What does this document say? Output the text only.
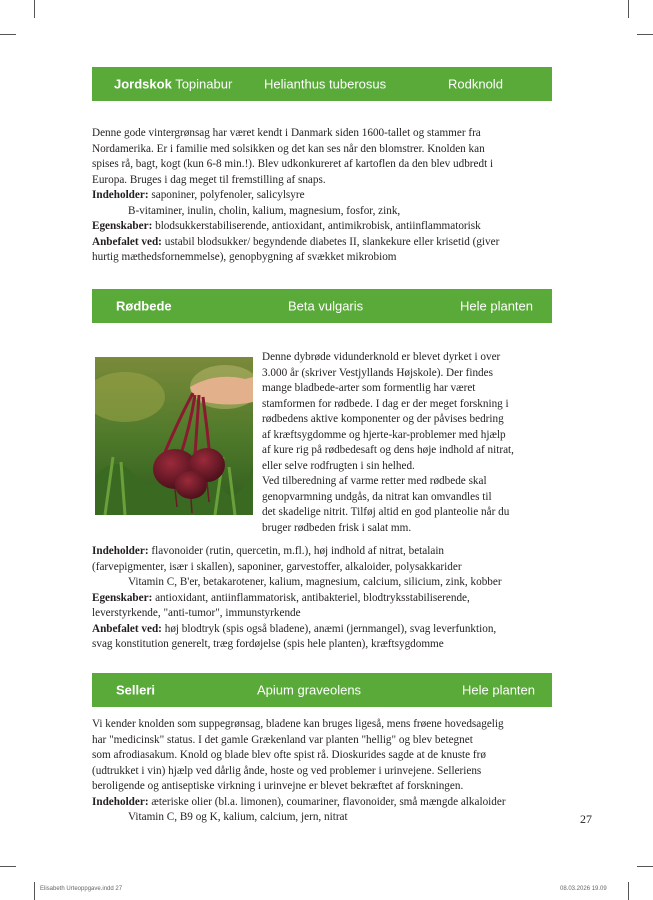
Jordskok Topinabur Helianthus tuberosus	Rodknold

Denne gode vintergrønsag har været kendt i Danmark siden 1600-tallet og stammer fra

Nordamerika. Er i familie med solsikken og det kan ses når den blomstrer. Knolden kan

spises rå, bagt, kogt (kun 6-8 min.!). Blev udkonkureret af kartoflen da den blev udbredt i

Europa. Bruges i dag meget til fremstilling af snaps.

Indeholder: saponiner, polyfenoler, salicylsyre

B-vitaminer, inulin, cholin, kalium, magnesium, fosfor, zink,

Egenskaber: blodsukkerstabiliserende, antioxidant, antimikrobisk, antiinflammatorisk

Anbefalet ved: ustabil blodsukker/ begyndende diabetes II, slankekure eller krisetid (giver

hurtig mæthedsfornemmelse), genopbygning af svækket mikrobiom

Rødbede	Beta vulgaris	Hele planten

Denne dybrøde vidunderknold er blevet dyrket i over

3.000 år (skriver Vestjyllands Højskole). Der findes

mange bladbede-arter som formentlig har været

stamformen for rødbede. I dag er der meget forskning i

rødbedens aktive komponenter og der påvises bedring

af kræftsygdomme og hjerte-kar-problemer med hjælp

af kure rig på rødbedesaft og dens høje indhold af nitrat,

eller selve rodfrugten i sin helhed.

Ved tilberedning af varme retter med rødbede skal

genopvarmning undgås, da nitrat kan omvandles til

det skadelige nitrit. Tilføj altid en god planteolie når du

bruger rødbeden frisk i salat mm.

Indeholder: flavonoider (rutin, quercetin, m.fl.), høj indhold af nitrat, betalain

(farvepigmenter, især i skallen), saponiner, garvestoffer, alkaloider, polysakkarider

Vitamin C, B'er, betakarotener, kalium, magnesium, calcium, silicium, zink, kobber

Egenskaber: antioxidant, antiinflammatorisk, antibakteriel, blodtryksstabiliserende,

leverstyrkende, "anti-tumor", immunstyrkende

Anbefalet ved: høj blodtryk (spis også bladene), anæmi (jernmangel), svag leverfunktion,

svag konstitution generelt, træg fordøjelse (spis hele planten), kræftsygdomme

Selleri	Apium graveolens	Hele planten

Vi kender knolden som suppegrønsag, bladene kan bruges ligeså, mens frøene hovedsagelig

har "medicinsk" status. I det gamle Grækenland var planten "hellig" og blev betegnet

som afrodiasakum. Knold og blade blev ofte spist rå. Dioskurides sagde at de knuste frø

(udtrukket i vin) hjælp ved dårlig ånde, hoste og ved problemer i urinvejene. Selleriens

beroligende og antiseptiske virkning i urinvejne er blevet bekræftet af forskningen.

Indeholder: æteriske olier (bl.a. limonen), coumariner, flavonoider, små mængde alkaloider

Vitamin C, B9 og K, kalium, calcium, jern, nitrat	27
Elisabeth Urteoppgave.indd 27	08.03.2026 19.09
